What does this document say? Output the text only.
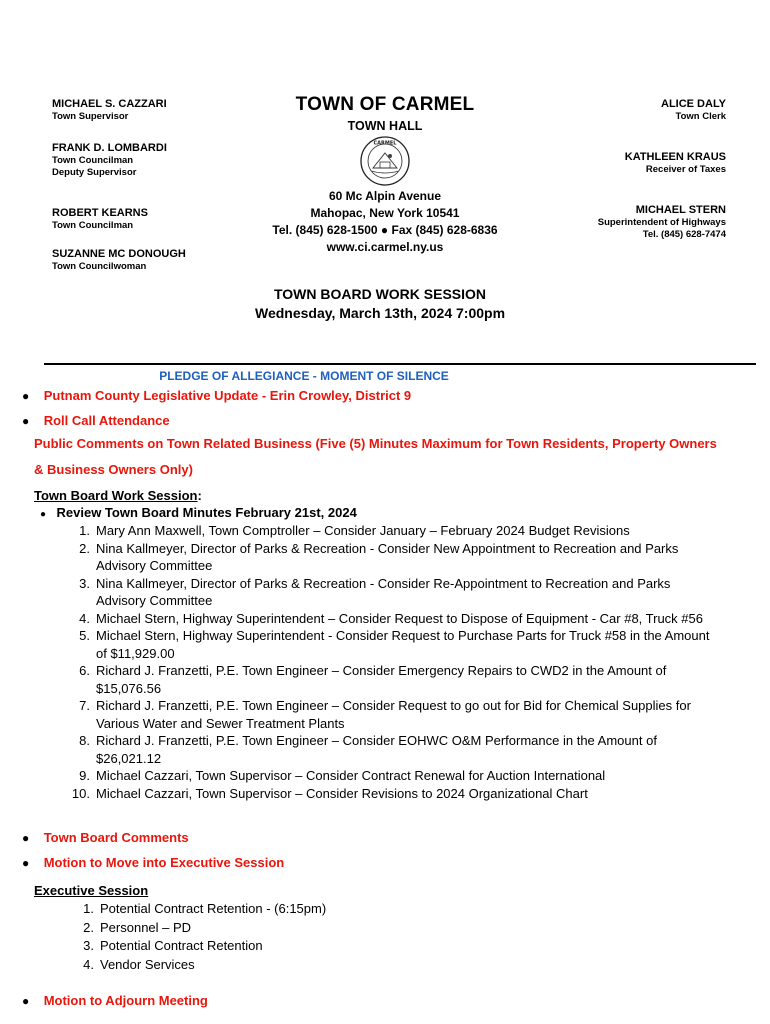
MICHAEL S. CAZZARI
Town Supervisor
FRANK D. LOMBARDI
Town Councilman
Deputy Supervisor
ROBERT KEARNS
Town Councilman
SUZANNE MC DONOUGH
Town Councilwoman
TOWN OF CARMEL
TOWN HALL
CARMEL
60 Mc Alpin Avenue
Mahopac, New York 10541
Tel. (845) 628-1500 ● Fax (845) 628-6836
www.ci.carmel.ny.us
ALICE DALY
Town Clerk
KATHLEEN KRAUS
Receiver of Taxes
MICHAEL STERN
Superintendent of Highways
Tel. (845) 628-7474
TOWN BOARD WORK SESSION
Wednesday, March 13th, 2024 7:00pm
PLEDGE OF ALLEGIANCE - MOMENT OF SILENCE
● Putnam County Legislative Update - Erin Crowley, District 9
● Roll Call Attendance
Public Comments on Town Related Business (Five (5) Minutes Maximum for Town Residents, Property Owners
& Business Owners Only)
Town Board Work Session:
● Review Town Board Minutes February 21st, 2024
1. Mary Ann Maxwell, Town Comptroller – Consider January – February 2024 Budget Revisions
2. Nina Kallmeyer, Director of Parks & Recreation - Consider New Appointment to Recreation and Parks
Advisory Committee
3. Nina Kallmeyer, Director of Parks & Recreation - Consider Re-Appointment to Recreation and Parks
Advisory Committee
4. Michael Stern, Highway Superintendent – Consider Request to Dispose of Equipment - Car #8, Truck #56
5. Michael Stern, Highway Superintendent - Consider Request to Purchase Parts for Truck #58 in the Amount
of $11,929.00
6. Richard J. Franzetti, P.E. Town Engineer – Consider Emergency Repairs to CWD2 in the Amount of
$15,076.56
7. Richard J. Franzetti, P.E. Town Engineer – Consider Request to go out for Bid for Chemical Supplies for
Various Water and Sewer Treatment Plants
8. Richard J. Franzetti, P.E. Town Engineer – Consider EOHWC O&M Performance in the Amount of
$26,021.12
9. Michael Cazzari, Town Supervisor – Consider Contract Renewal for Auction International
10. Michael Cazzari, Town Supervisor – Consider Revisions to 2024 Organizational Chart
● Town Board Comments
● Motion to Move into Executive Session
Executive Session
1. Potential Contract Retention - (6:15pm)
2. Personnel – PD
3. Potential Contract Retention
4. Vendor Services
● Motion to Adjourn Meeting
